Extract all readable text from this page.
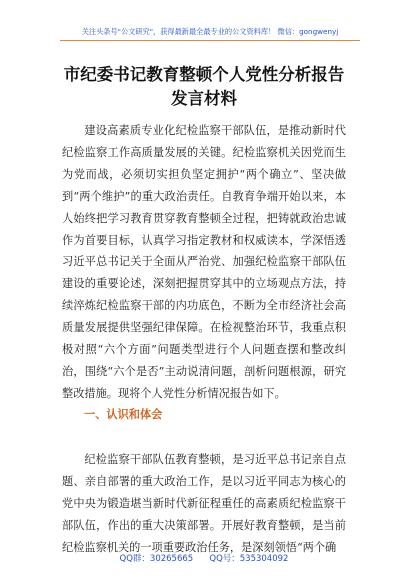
关注头条号"公文研究"，获得最新最全最专业的公文资料库！ 微信：gongwenyj
市纪委书记教育整顿个人党性分析报告发言材料
建设高素质专业化纪检监察干部队伍，是推动新时代纪检监察工作高质量发展的关键。纪检监察机关因党而生为党而战，必须切实担负坚定拥护“两个确立”、坚决做到“两个维护”的重大政治责任。自教育争端开始以来，本人始终把学习教育贯穿教育整顿全过程，把铸就政治忠诚作为首要目标，认真学习指定教材和权威读本，学深悟透习近平总书记关于全面从严治党、加强纪检监察干部队伍建设的重要论述，深刻把握贯穿其中的立场观点方法，持续淬炼纪检监察干部的内功底色，不断为全市经济社会高质量发展提供坚强纪律保障。在检视整治环节，我重点积极对照“六个方面”问题类型进行个人问题查摆和整改纠治，围绕“六个是否”主动说清问题，剖析问题根源，研究整改措施。现将个人党性分析情况报告如下。
一、认识和体会
纪检监察干部队伍教育整顿，是习近平总书记亲自点题、亲自部署的重大政治工作，是以习近平同志为核心的党中央为锻造堪当新时代新征程重任的高素质纪检监察干部队伍，作出的重大决策部署。开展好教育整顿，是当前纪检监察机关的一项重要政治任务，是深刻领悟“两个确
QQ群：30265665      QQ号：535304092
